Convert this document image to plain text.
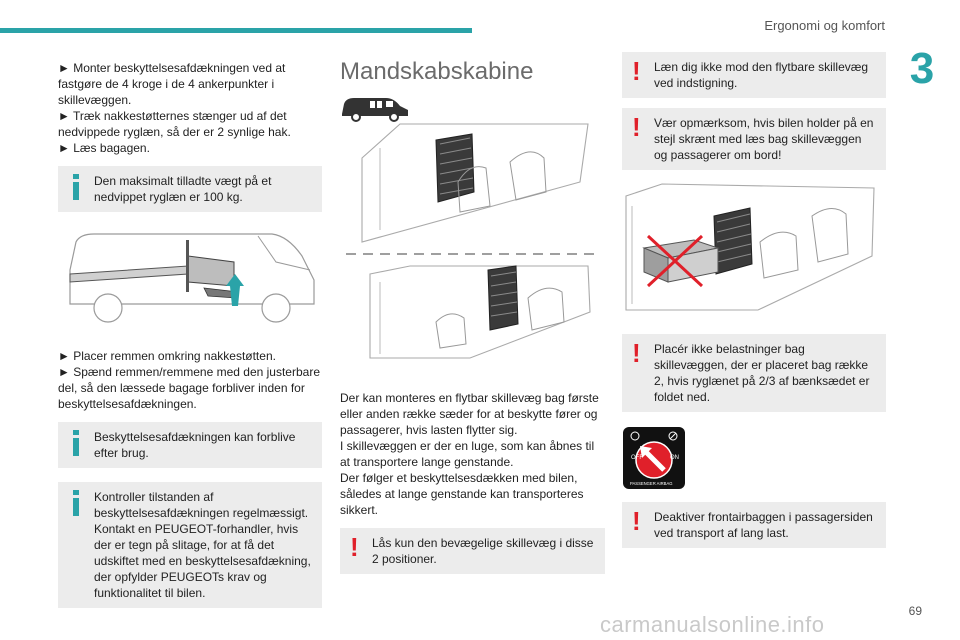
Ergonomi og komfort
3

► Monter beskyttelsesafdækningen ved at fastgøre de 4 kroge i de 4 ankerpunkter i skillevæggen.

► Træk nakkestøtternes stænger ud af det nedvippede ryglæn, så der er 2 synlige hak.

► Læs bagagen.

Den maksimalt tilladte vægt på et nedvippet ryglæn er 100 kg.

► Placer remmen omkring nakkestøtten.

► Spænd remmen/remmene med den justerbare del, så den læssede bagage forbliver inden for beskyttelsesafdækningen.

Beskyttelsesafdækningen kan forblive efter brug.
Kontroller tilstanden af beskyttelsesafdækningen regelmæssigt. Kontakt en PEUGEOT-forhandler, hvis der er tegn på slitage, for at få det udskiftet med en beskyttelsesafdækning, der opfylder PEUGEOTs krav og funktionalitet til bilen.
Mandskabskabine

Der kan monteres en flytbar skillevæg bag første eller anden række sæder for at beskytte fører og passagerer, hvis lasten flytter sig.

I skillevæggen er der en luge, som kan åbnes til at transportere lange genstande.

Der følger et beskyttelsesdækken med bilen, således at lange genstande kan transporteres sikkert.

! Lås kun den bevægelige skillevæg i disse 2 positioner.
! Læn dig ikke mod den flytbare skillevæg ved indstigning.
! Vær opmærksom, hvis bilen holder på en stejl skrænt med læs bag skillevæggen og passagerer om bord!
! Placér ikke belastninger bag skillevæggen, der er placeret bag række 2, hvis ryglænet på 2/3 af bænksædet er foldet ned.
OFF	ON
PASSENGER AIRBAG
! Deaktiver frontairbaggen i passagersiden ved transport af lang last.
69
carmanualsonline.info
